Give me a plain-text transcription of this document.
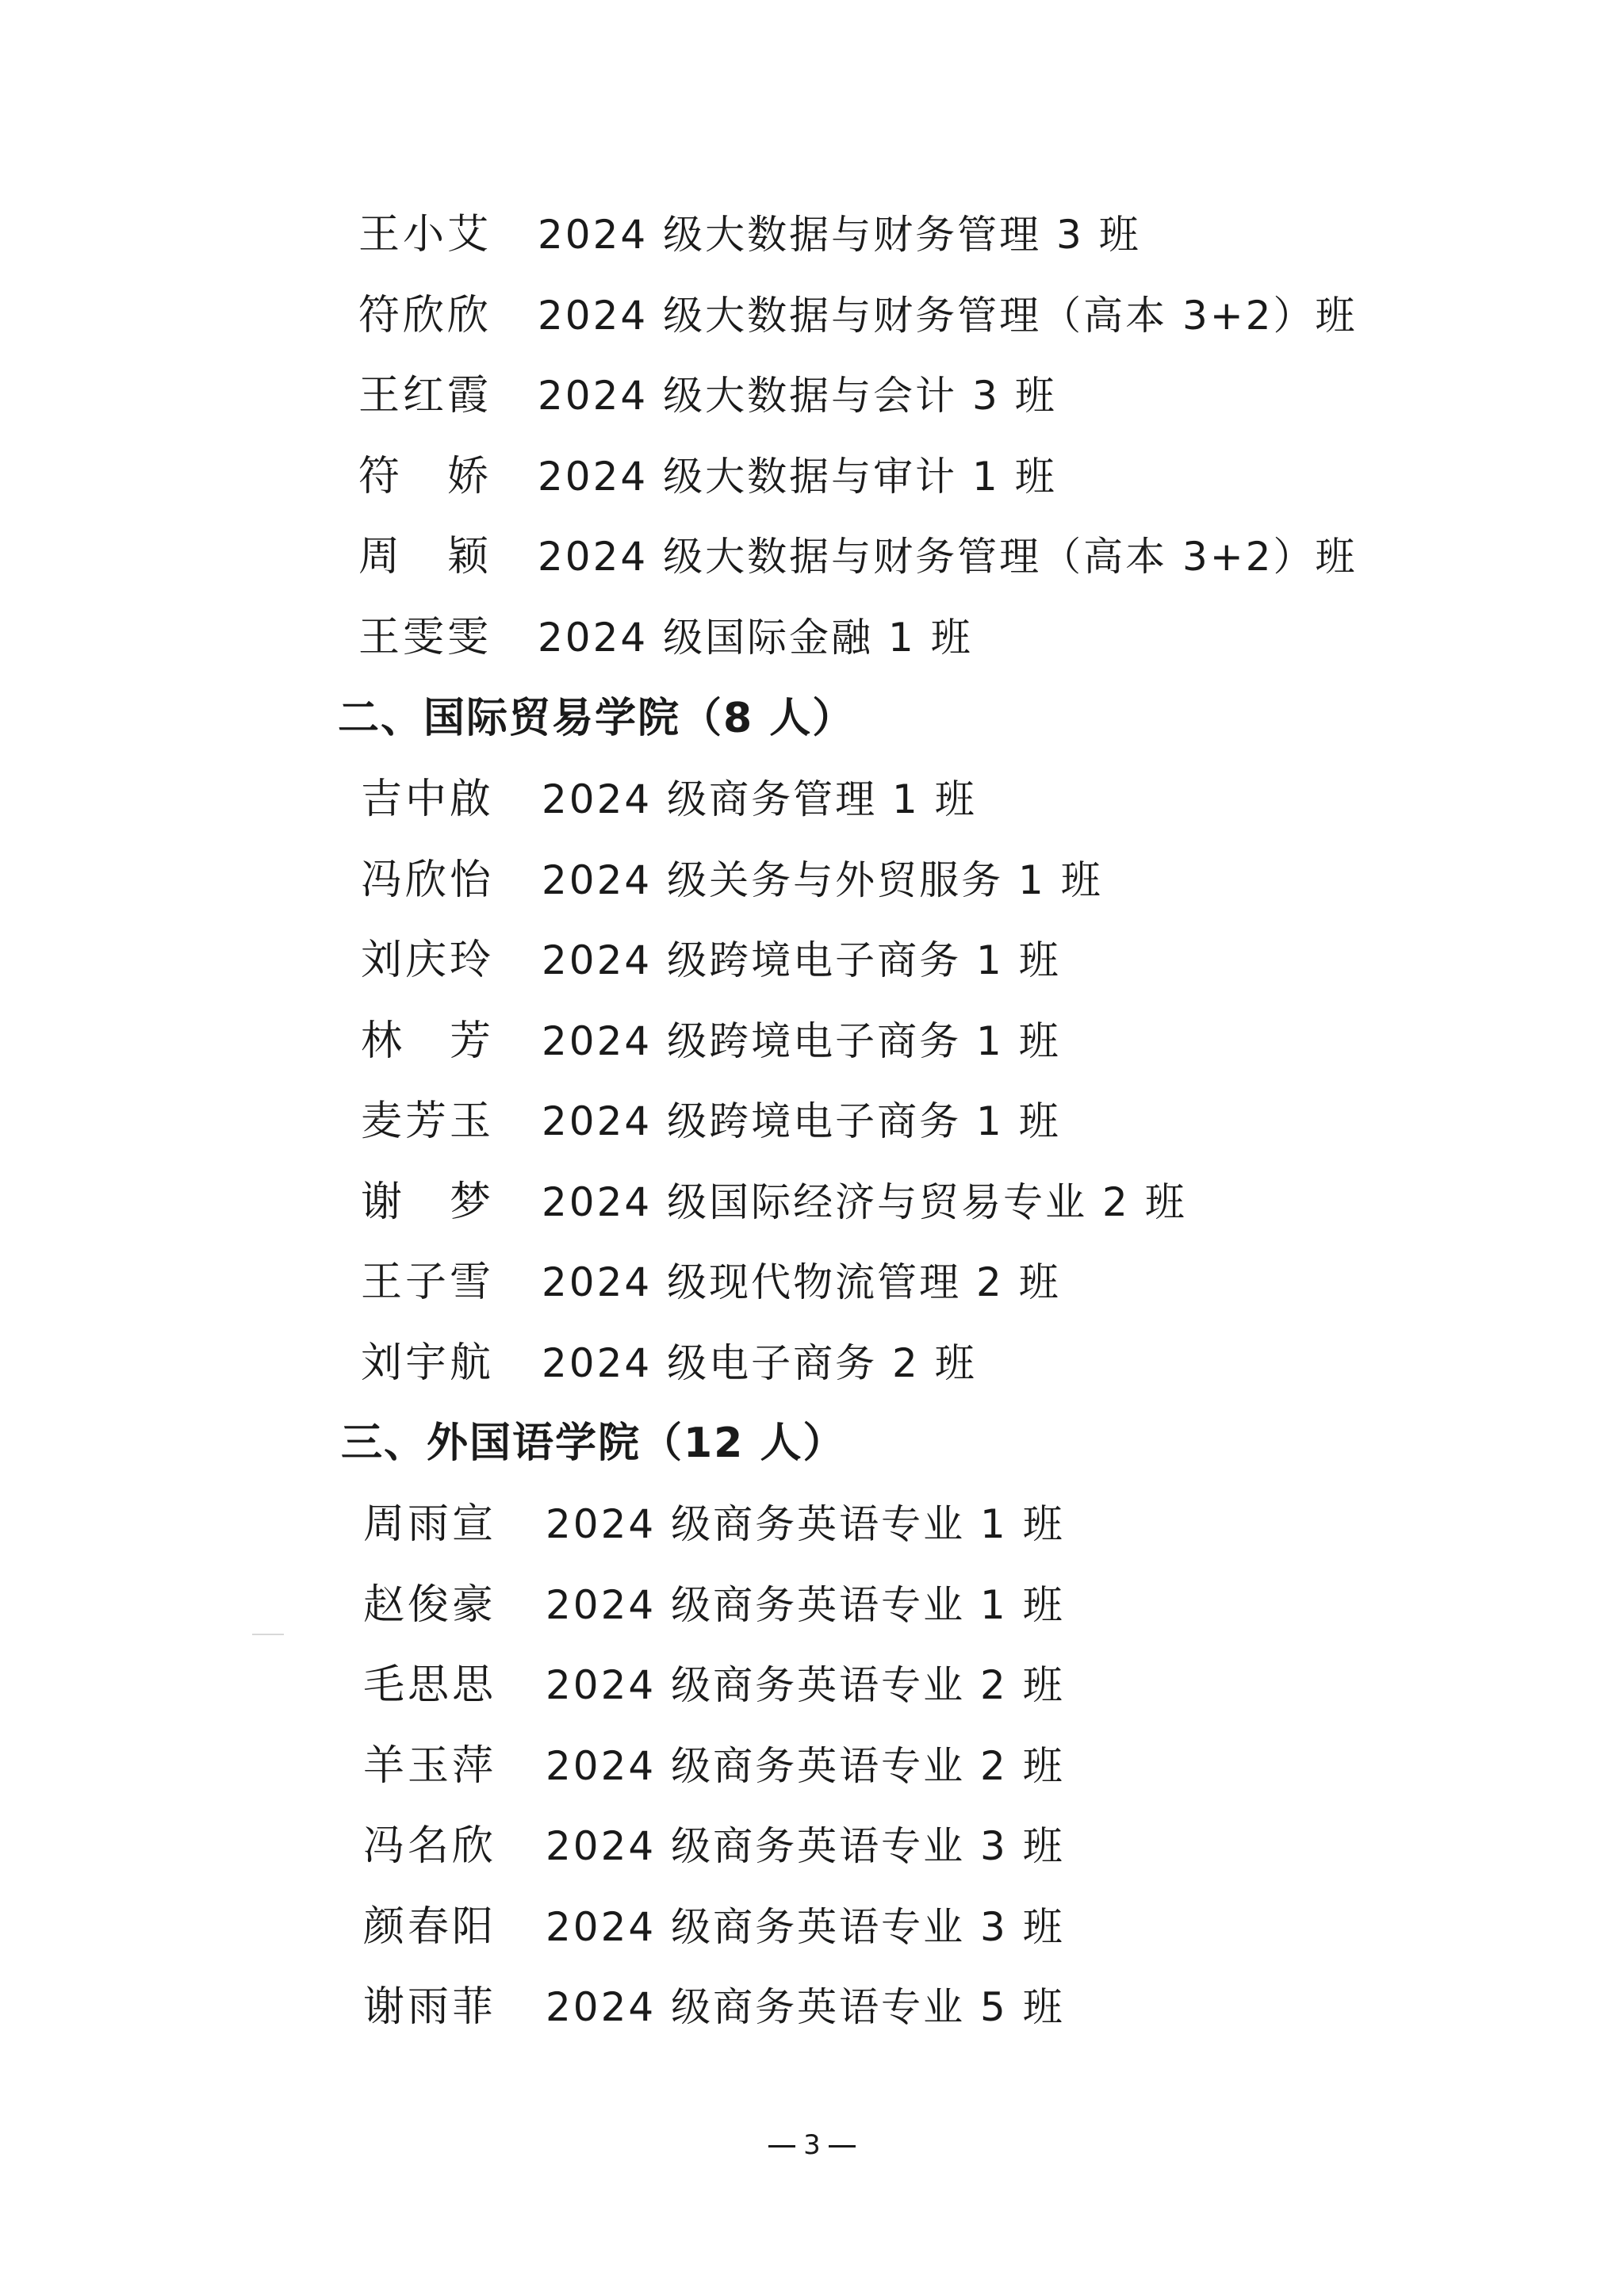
王小艾 2024 级大数据与财务管理 3 班
符欣欣 2024 级大数据与财务管理（高本 3+2）班
王红霞 2024 级大数据与会计 3 班
符　娇 2024 级大数据与审计 1 班
周　颖 2024 级大数据与财务管理（高本 3+2）班
王雯雯 2024 级国际金融 1 班
二、国际贸易学院（8 人）
吉中啟 2024 级商务管理 1 班
冯欣怡 2024 级关务与外贸服务 1 班
刘庆玲 2024 级跨境电子商务 1 班
林　芳 2024 级跨境电子商务 1 班
麦芳玉 2024 级跨境电子商务 1 班
谢　梦 2024 级国际经济与贸易专业 2 班
王子雪 2024 级现代物流管理 2 班
刘宇航 2024 级电子商务 2 班
三、外国语学院（12 人）
周雨宣 2024 级商务英语专业 1 班
赵俊豪 2024 级商务英语专业 1 班
毛思思 2024 级商务英语专业 2 班
羊玉萍 2024 级商务英语专业 2 班
冯名欣 2024 级商务英语专业 3 班
颜春阳 2024 级商务英语专业 3 班
谢雨菲 2024 级商务英语专业 5 班
3
